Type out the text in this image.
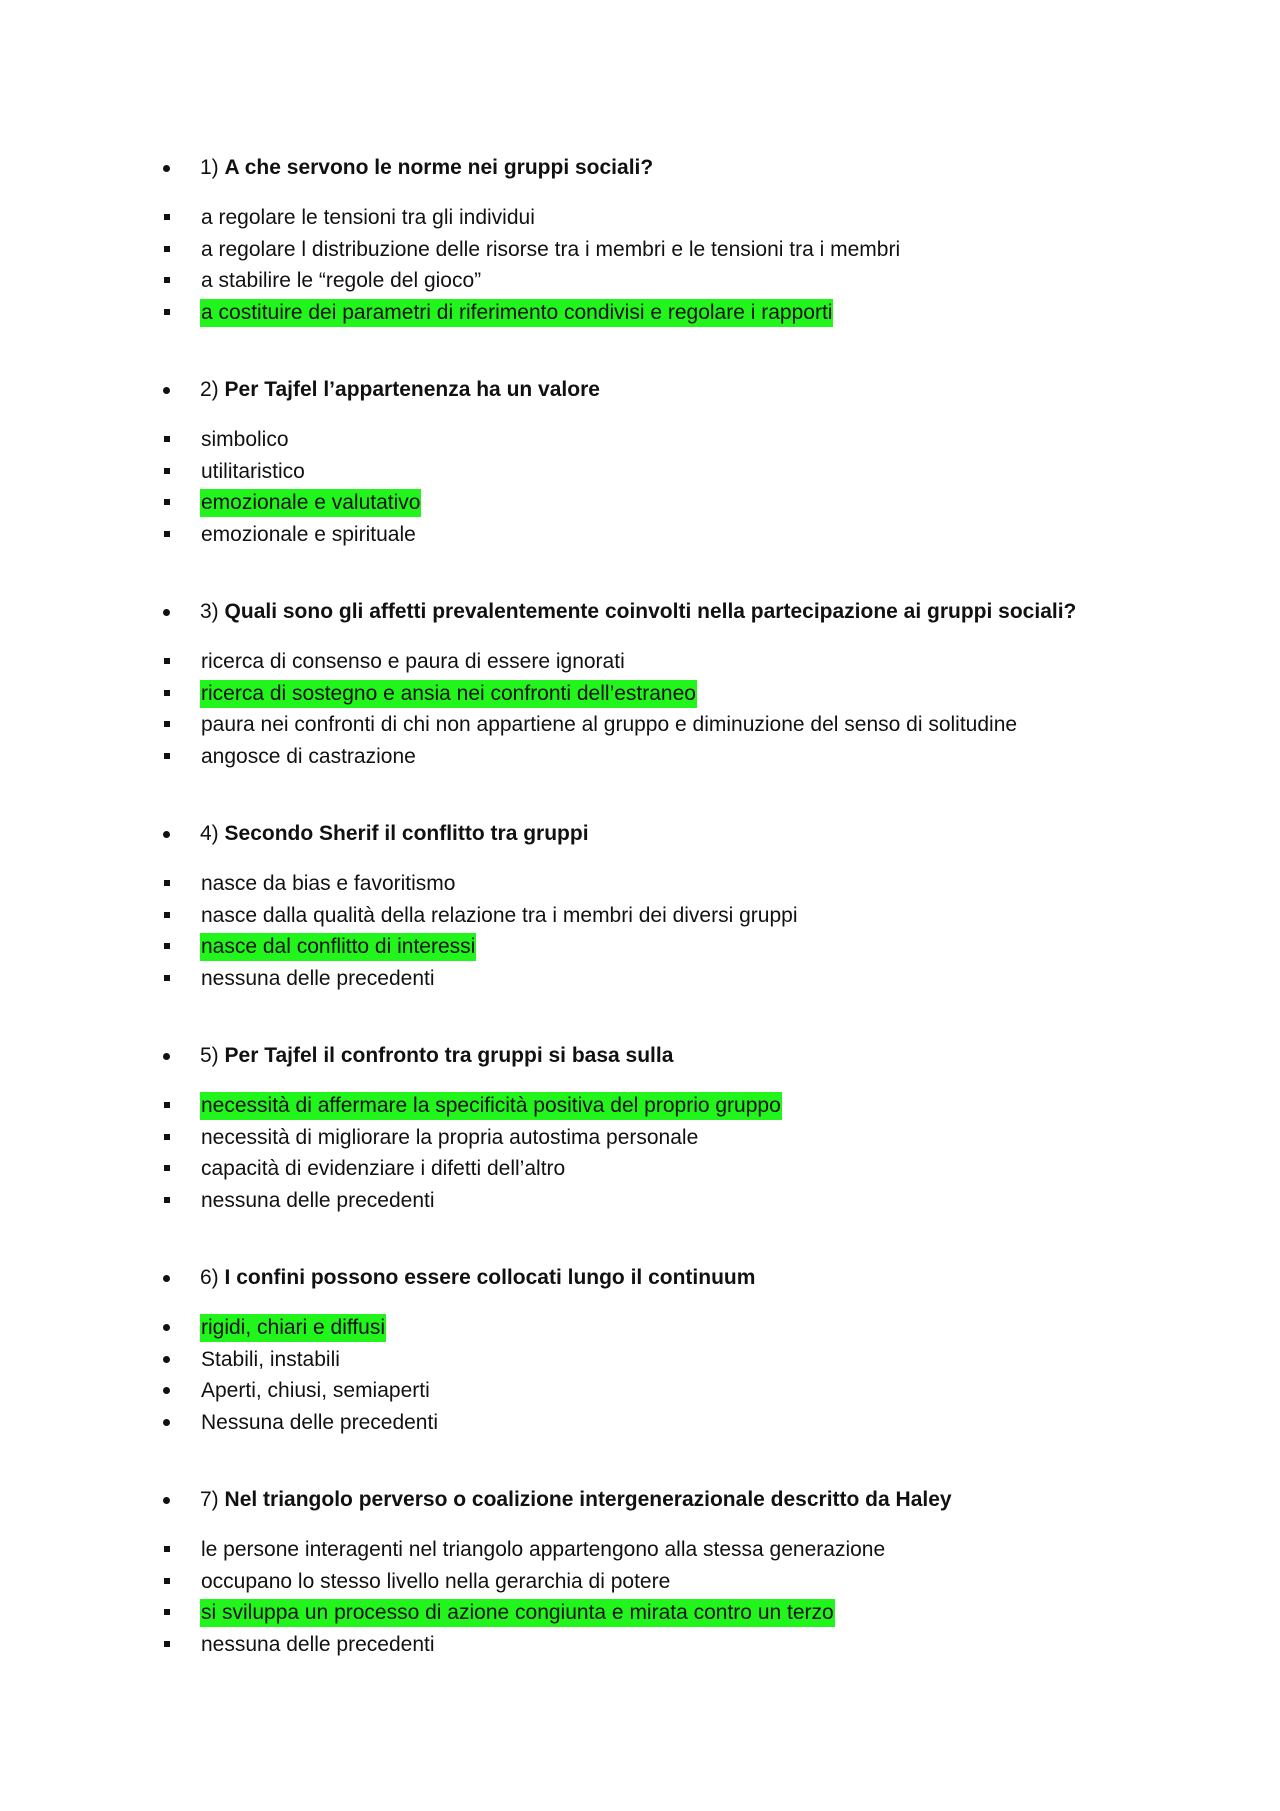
1) A che servono le norme nei gruppi sociali?
a regolare le tensioni tra gli individui
a regolare l distribuzione delle risorse tra i membri e le tensioni tra i membri
a stabilire le “regole del gioco”
a costituire dei parametri di riferimento condivisi e regolare i rapporti
2) Per Tajfel l’appartenenza ha un valore
simbolico
utilitaristico
emozionale e valutativo
emozionale e spirituale
3) Quali sono gli affetti prevalentemente coinvolti nella partecipazione ai gruppi sociali?
ricerca di consenso e paura di essere ignorati
ricerca di sostegno e ansia nei confronti dell’estraneo
paura nei confronti di chi non appartiene al gruppo e diminuzione del senso di solitudine
angosce di castrazione
4) Secondo Sherif il conflitto tra gruppi
nasce da bias e favoritismo
nasce dalla qualità della relazione tra i membri dei diversi gruppi
nasce dal conflitto di interessi
nessuna delle precedenti
5) Per Tajfel il confronto tra gruppi si basa sulla
necessità di affermare la specificità positiva del proprio gruppo
necessità di migliorare la propria autostima personale
capacità di evidenziare i difetti dell’altro
nessuna delle precedenti
6) I confini possono essere collocati lungo il continuum
rigidi, chiari e diffusi
Stabili, instabili
Aperti, chiusi, semiaperti
Nessuna delle precedenti
7) Nel triangolo perverso o coalizione intergenerazionale descritto da Haley
le persone interagenti nel triangolo appartengono alla stessa generazione
occupano lo stesso livello nella gerarchia di potere
si sviluppa un processo di azione congiunta e mirata contro un terzo
nessuna delle precedenti
